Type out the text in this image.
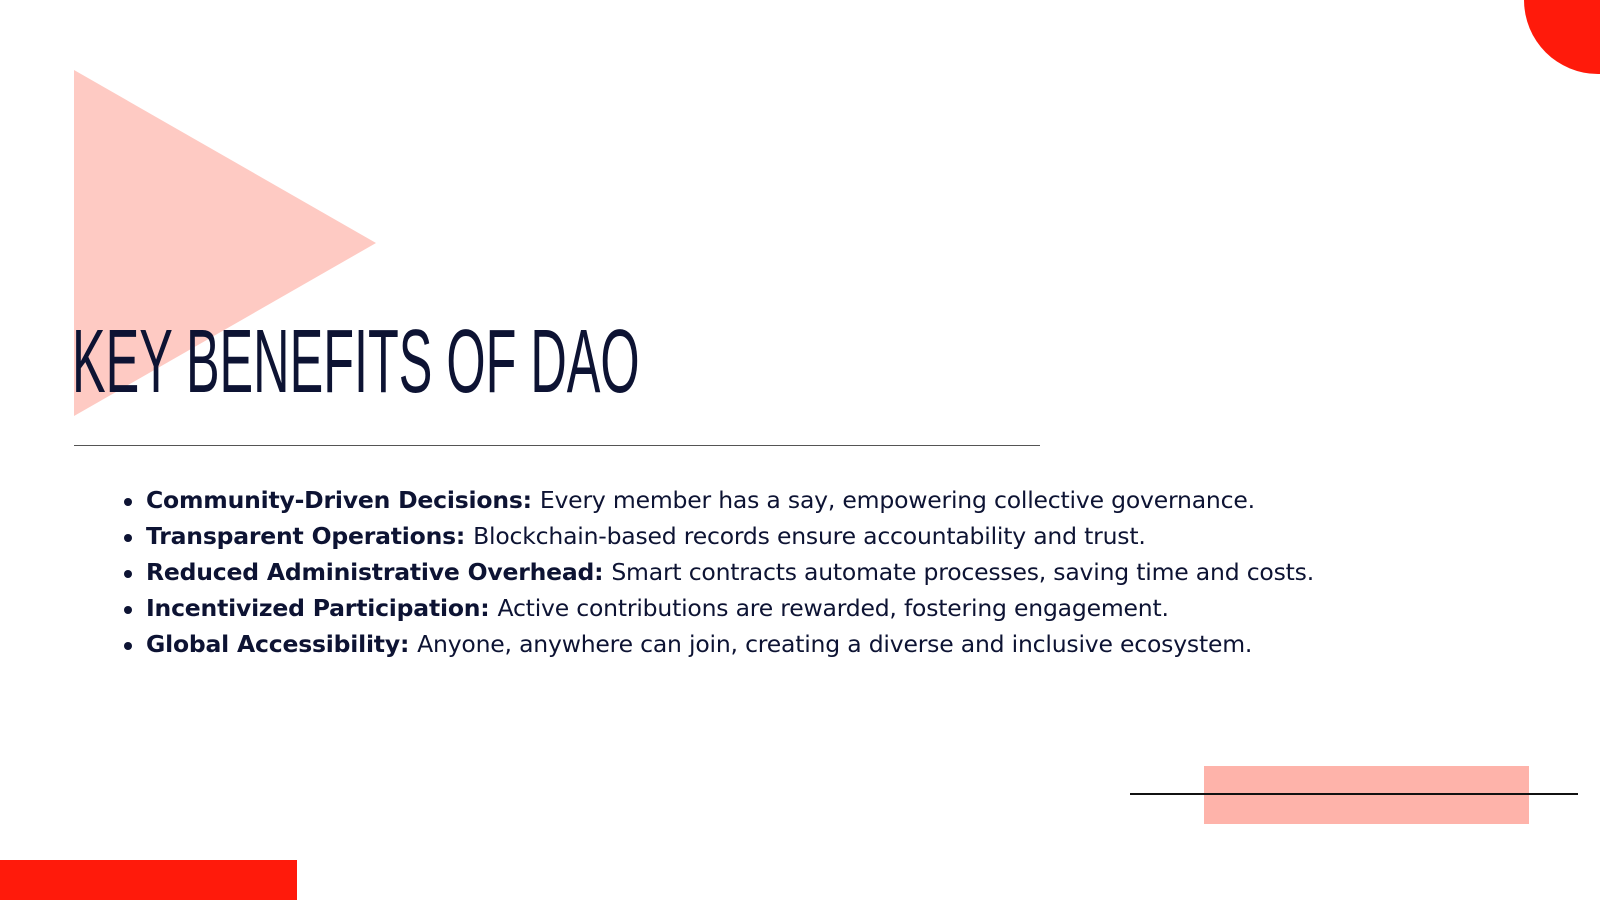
KEY BENEFITS OF DAO
Community-Driven Decisions: Every member has a say, empowering collective governance.
Transparent Operations: Blockchain-based records ensure accountability and trust.
Reduced Administrative Overhead: Smart contracts automate processes, saving time and costs.
Incentivized Participation: Active contributions are rewarded, fostering engagement.
Global Accessibility: Anyone, anywhere can join, creating a diverse and inclusive ecosystem.
